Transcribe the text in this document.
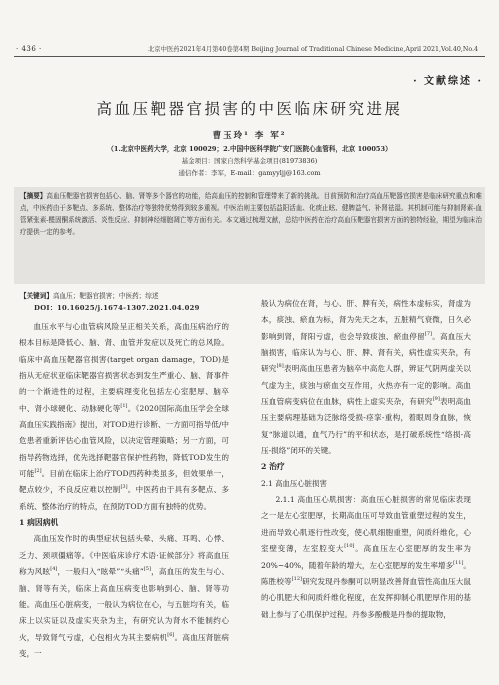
· 436 ·	北京中医药2021年4月第40卷第4期 Beijing Journal of Traditional Chinese Medicine,April 2021,Vol.40,No.4
· 文献综述 ·
高血压靶器官损害的中医临床研究进展
曹玉玲¹ 李 军²
（1.北京中医药大学，北京 100029；2.中国中医科学院广安门医院心血管科，北京 100053）
基金项目：国家自然科学基金项目(81973836)
通信作者：李军，E-mail：gamyyljj@163.com
【摘要】高血压靶器官损害包括心、脑、肾等多个器官的功能，给高血压的控制和管理带来了新的挑战。目前预防和治疗高血压靶器官损害是临床研究重点和难点，中医药由于多靶点、多系统、整体治疗等独特优势得到较多重视。中医治则主要包括益阳活血、化痰止眩、健脾益气、补肾祛湿。其机制可能与抑制肾素-血管紧张素-醛固酮系统激活、炎性反应、抑制神经细胞凋亡等方面有关。本文通过梳理文献，总结中医药在治疗高血压靶器官损害方面的独特经验，期望为临床治疗提供一定的参考。
【关键词】高血压；靶器官损害；中医药；综述
DOI：10.16025/j.1674-1307.2021.04.029

血压水平与心血管病风险呈正相关关系，高血压病治疗的根本目标是降低心、脑、肾、血管并发症以及死亡的总风险。临床中高血压靶器官损害(target organ damage，TOD)是指从无症状亚临床靶器官损害状态到发生严重心、脑、肾事件的一个渐进性的过程，主要病理变化包括左心室肥厚、脑卒中、肾小球硬化、动脉硬化等[1]。《2020国际高血压学会全球高血压实践指南》提出，对TOD进行诊断、一方面可指导低/中危患者重新评估心血管风险，以决定管理策略；另一方面，可指导药物选择，优先选择靶器官保护性药物，降低TOD发生的可能[2]。目前在临床上治疗TOD西药种类虽多，但效果单一，靶点较少，不良反应难以控制[3]。中医药由于具有多靶点、多系统、整体治疗的特点，在预防TOD方面有独特的优势。

1 病因病机

高血压发作时的典型症状包括头晕、头痛、耳鸣、心悸、乏力、颈项僵痛等。《中医临床诊疗术语·证候部分》将高血压称为风眩[4]，一般归入“眩晕”“头痛”[5]，高血压的发生与心、脑、肾等有关，临床上高血压病变也影响到心、脑、肾等功能。高血压心脏病变，一般认为病位在心，与五脏均有关，临床上以实证以及虚实夹杂为主，有研究认为肾水不能制约心火，导致肾气亏虚，心包相火为其主要病机[6]。高血压肾脏病变，一

般认为病位在肾，与心、肝、脾有关，病性本虚标实，肾虚为本，痰浊、瘀血为标，肾为先天之本，五脏精气衰微，日久必影响到肾，肾阳亏虚，也会导致痰浊、瘀血停留[7]。高血压大脑损害，临床认为与心、肝、脾、肾有关，病性虚实夹杂，有研究[8]表明高血压患者为脑卒中高危人群，辨证气阴两虚关以气虚为主，痰浊与瘀血交互作用，火热亦有一定的影响。高血压血管病变病位在血脉，病性上虚实夹杂，有研究[9]表明高血压主要病理基础为泛脉络受损-痉挛-重构，着眼周身血脉，恢复“脉道以通，血气乃行”的平和状态，是打破系统性“络损-高压-损络”闭环的关键。

2 治疗
2.1 高血压心脏损害

2.1.1 高血压心肌损害：高血压心脏损害的常见临床表现之一是左心室肥厚，长期高血压可导致血管重塑过程的发生，进而导致心肌逐行性改变，使心肌细胞重塑，间质纤维化，心室壁变薄，左室腔变大[10]。高血压左心室肥厚的发生率为20%~40%，随着年龄的增大，左心室肥厚的发生率增多[11]。陈胜校等[12]研究发现丹参酮可以明显改善肾血管性高血压大鼠的心肌肥大和间质纤维化程度，在发挥抑制心肌肥厚作用的基础上参与了心肌保护过程。丹参多酚酸是丹参的提取物，
